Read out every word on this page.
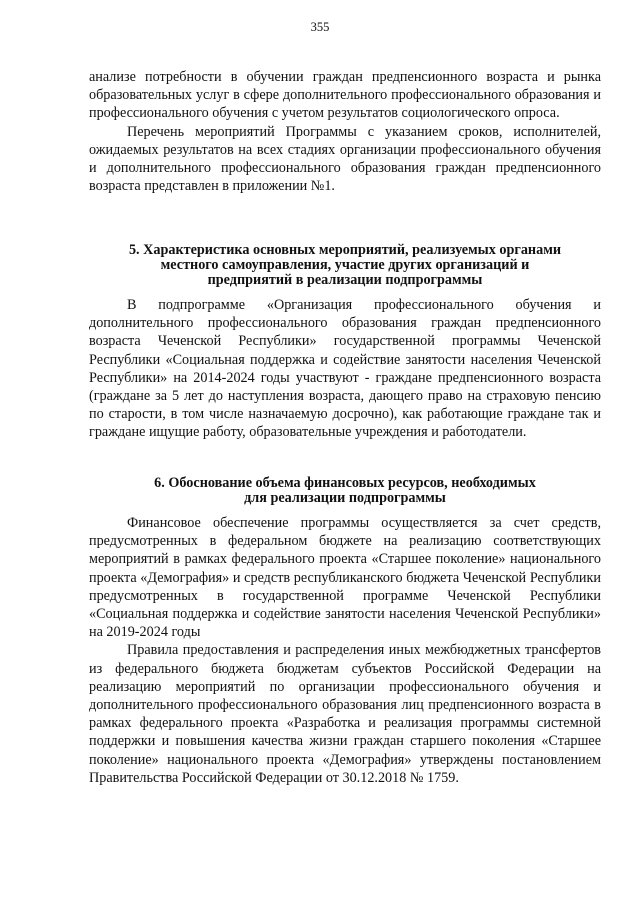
355

анализе потребности в обучении граждан предпенсионного возраста и рынка образовательных услуг в сфере дополнительного профессионального образования и профессионального обучения с учетом результатов социологического опроса.

Перечень мероприятий Программы с указанием сроков, исполнителей, ожидаемых результатов на всех стадиях организации профессионального обучения и дополнительного профессионального образования граждан предпенсионного возраста представлен в приложении №1.

5. Характеристика основных мероприятий, реализуемых органами
местного самоуправления, участие других организаций и
предприятий в реализации подпрограммы

В подпрограмме «Организация профессионального обучения и дополнительного профессионального образования граждан предпенсионного возраста Чеченской Республики» государственной программы Чеченской Республики «Социальная поддержка и содействие занятости населения Чеченской Республики» на 2014-2024 годы участвуют - граждане предпенсионного возраста (граждане за 5 лет до наступления возраста, дающего право на страховую пенсию по старости, в том числе назначаемую досрочно), как работающие граждане так и граждане ищущие работу, образовательные учреждения и работодатели.

6. Обоснование объема финансовых ресурсов, необходимых
для реализации подпрограммы

Финансовое обеспечение программы осуществляется за счет средств, предусмотренных в федеральном бюджете на реализацию соответствующих мероприятий в рамках федерального проекта «Старшее поколение» национального проекта «Демография» и средств республиканского бюджета Чеченской Республики предусмотренных в государственной программе Чеченской Республики «Социальная поддержка и содействие занятости населения Чеченской Республики» на 2019-2024 годы

Правила предоставления и распределения иных межбюджетных трансфертов из федерального бюджета бюджетам субъектов Российской Федерации на реализацию мероприятий по организации профессионального обучения и дополнительного профессионального образования лиц предпенсионного возраста в рамках федерального проекта «Разработка и реализация программы системной поддержки и повышения качества жизни граждан старшего поколения «Старшее поколение» национального проекта «Демография» утверждены постановлением Правительства Российской Федерации от 30.12.2018 № 1759.
